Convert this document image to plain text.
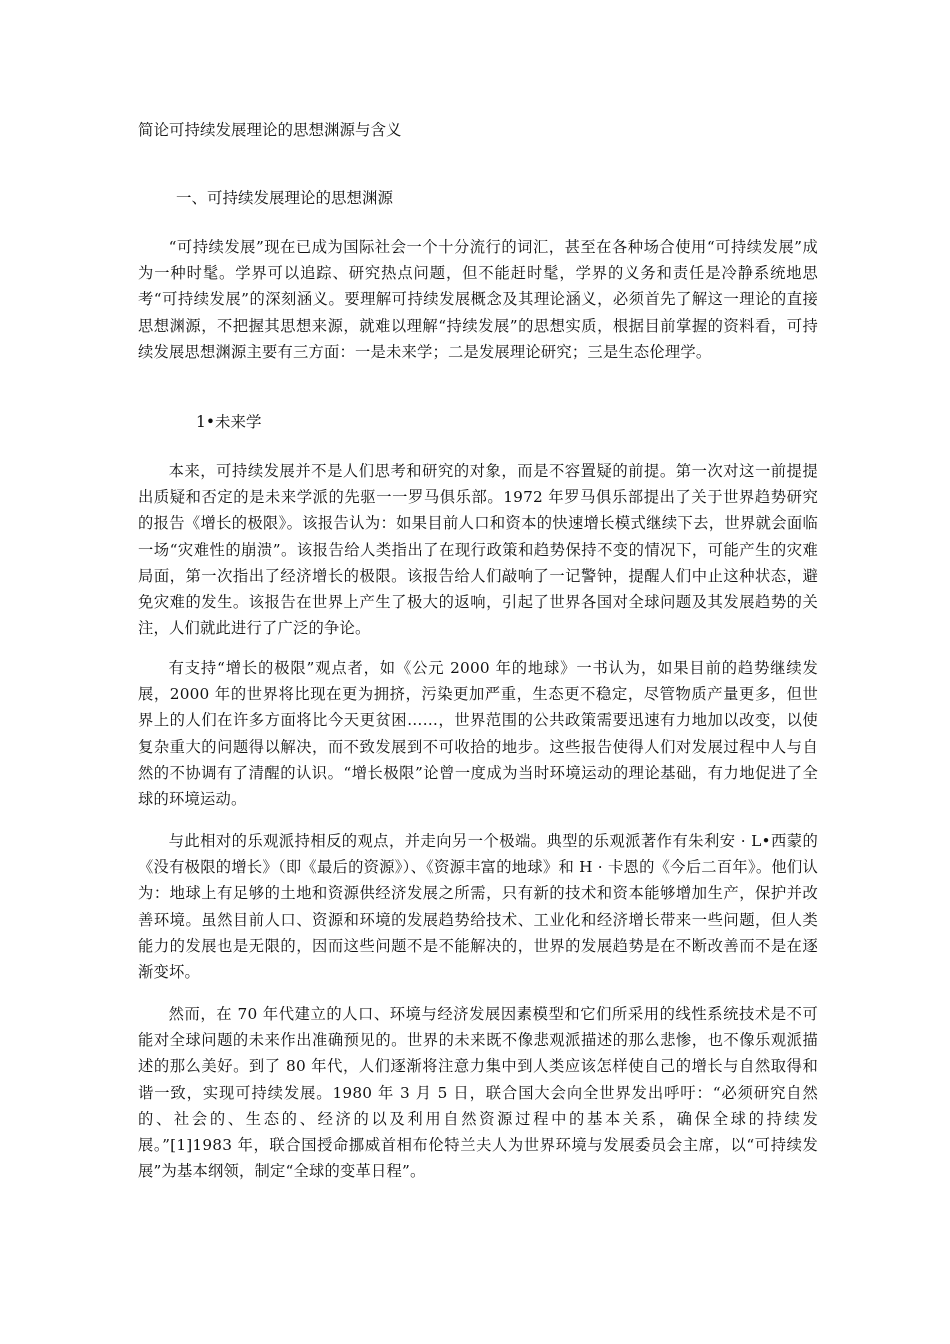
简论可持续发展理论的思想渊源与含义
一、可持续发展理论的思想渊源

“可持续发展”现在已成为国际社会一个十分流行的词汇，甚至在各种场合使用“可持续发展”成为一种时髦。学界可以追踪、研究热点问题，但不能赶时髦，学界的义务和责任是冷静系统地思考“可持续发展”的深刻涵义。要理解可持续发展概念及其理论涵义，必须首先了解这一理论的直接思想渊源，不把握其思想来源，就难以理解“持续发展”的思想实质，根据目前掌握的资料看，可持续发展思想渊源主要有三方面：一是未来学；二是发展理论研究；三是生态伦理学。

1•未来学

本来，可持续发展并不是人们思考和研究的对象，而是不容置疑的前提。第一次对这一前提提出质疑和否定的是未来学派的先驱一一罗马俱乐部。1972 年罗马俱乐部提出了关于世界趋势研究的报告《增长的极限》。该报告认为：如果目前人口和资本的快速增长模式继续下去，世界就会面临一场“灾难性的崩溃”。该报告给人类指出了在现行政策和趋势保持不变的情况下，可能产生的灾难局面，第一次指出了经济增长的极限。该报告给人们敲响了一记警钟，提醒人们中止这种状态，避免灾难的发生。该报告在世界上产生了极大的返响，引起了世界各国对全球问题及其发展趋势的关注，人们就此进行了广泛的争论。

有支持“增长的极限”观点者，如《公元 2000 年的地球》一书认为，如果目前的趋势继续发展，2000 年的世界将比现在更为拥挤，污染更加严重，生态更不稳定，尽管物质产量更多，但世界上的人们在许多方面将比今天更贫困……，世界范围的公共政策需要迅速有力地加以改变，以使复杂重大的问题得以解决，而不致发展到不可收拾的地步。这些报告使得人们对发展过程中人与自然的不协调有了清醒的认识。“增长极限”论曾一度成为当时环境运动的理论基础，有力地促进了全球的环境运动。

与此相对的乐观派持相反的观点，并走向另一个极端。典型的乐观派著作有朱利安 · L•西蒙的《没有极限的增长》（即《最后的资源》）、《资源丰富的地球》和 H · 卡恩的《今后二百年》。他们认为：地球上有足够的土地和资源供经济发展之所需，只有新的技术和资本能够增加生产，保护并改善环境。虽然目前人口、资源和环境的发展趋势给技术、工业化和经济增长带来一些问题，但人类能力的发展也是无限的，因而这些问题不是不能解决的，世界的发展趋势是在不断改善而不是在逐渐变坏。

然而，在 70 年代建立的人口、环境与经济发展因素模型和它们所采用的线性系统技术是不可能对全球问题的未来作出准确预见的。世界的未来既不像悲观派描述的那么悲惨，也不像乐观派描述的那么美好。到了 80 年代，人们逐渐将注意力集中到人类应该怎样使自己的增长与自然取得和谐一致，实现可持续发展。1980 年 3 月 5 日，联合国大会向全世界发出呼吁：“必须研究自然的、社会的、生态的、经济的以及利用自然资源过程中的基本关系，确保全球的持续发展。”[1]1983 年，联合国授命挪威首相布伦特兰夫人为世界环境与发展委员会主席，以“可持续发展”为基本纲领，制定“全球的变革日程”。
